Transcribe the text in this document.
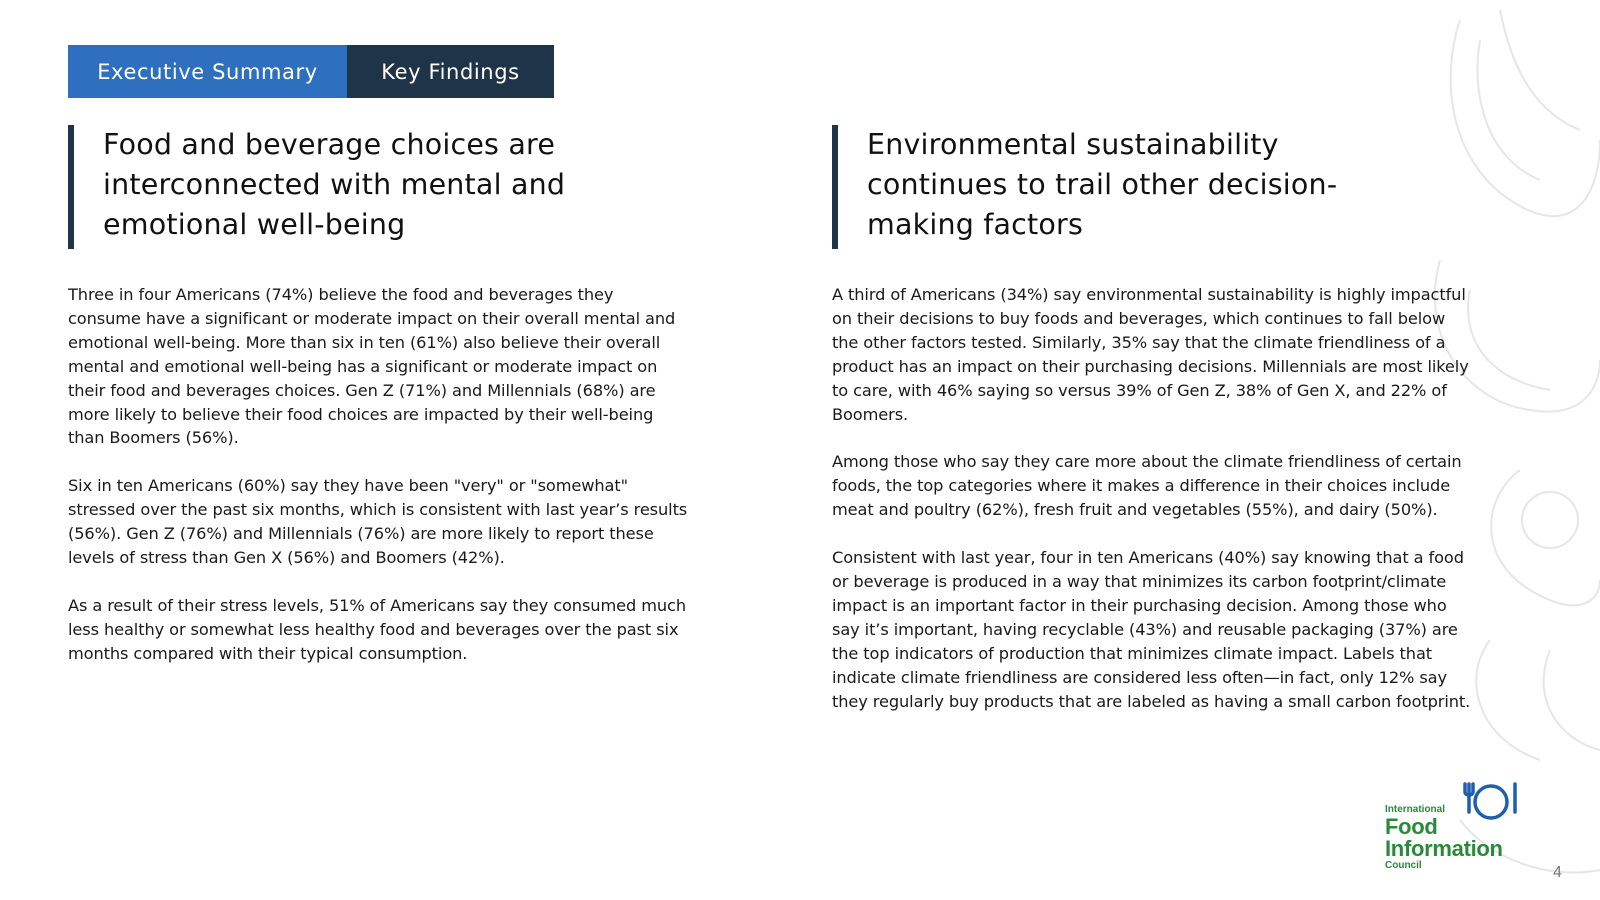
Executive Summary	Key Findings
Food and beverage choices are interconnected with mental and emotional well-being

Three in four Americans (74%) believe the food and beverages they consume have a significant or moderate impact on their overall mental and emotional well-being. More than six in ten (61%) also believe their overall mental and emotional well-being has a significant or moderate impact on their food and beverages choices. Gen Z (71%) and Millennials (68%) are more likely to believe their food choices are impacted by their well-being than Boomers (56%).

Six in ten Americans (60%) say they have been "very" or "somewhat" stressed over the past six months, which is consistent with last year’s results (56%). Gen Z (76%) and Millennials (76%) are more likely to report these levels of stress than Gen X (56%) and Boomers (42%).

As a result of their stress levels, 51% of Americans say they consumed much less healthy or somewhat less healthy food and beverages over the past six months compared with their typical consumption.

Environmental sustainability continues to trail other decision-making factors

A third of Americans (34%) say environmental sustainability is highly impactful on their decisions to buy foods and beverages, which continues to fall below the other factors tested. Similarly, 35% say that the climate friendliness of a product has an impact on their purchasing decisions. Millennials are most likely to care, with 46% saying so versus 39% of Gen Z, 38% of Gen X, and 22% of Boomers.

Among those who say they care more about the climate friendliness of certain foods, the top categories where it makes a difference in their choices include meat and poultry (62%), fresh fruit and vegetables (55%), and dairy (50%).

Consistent with last year, four in ten Americans (40%) say knowing that a food or beverage is produced in a way that minimizes its carbon footprint/climate impact is an important factor in their purchasing decision. Among those who say it’s important, having recyclable (43%) and reusable packaging (37%) are the top indicators of production that minimizes climate impact. Labels that indicate climate friendliness are considered less often—in fact, only 12% say they regularly buy products that are labeled as having a small carbon footprint.

International
Food
Information
Council	4
